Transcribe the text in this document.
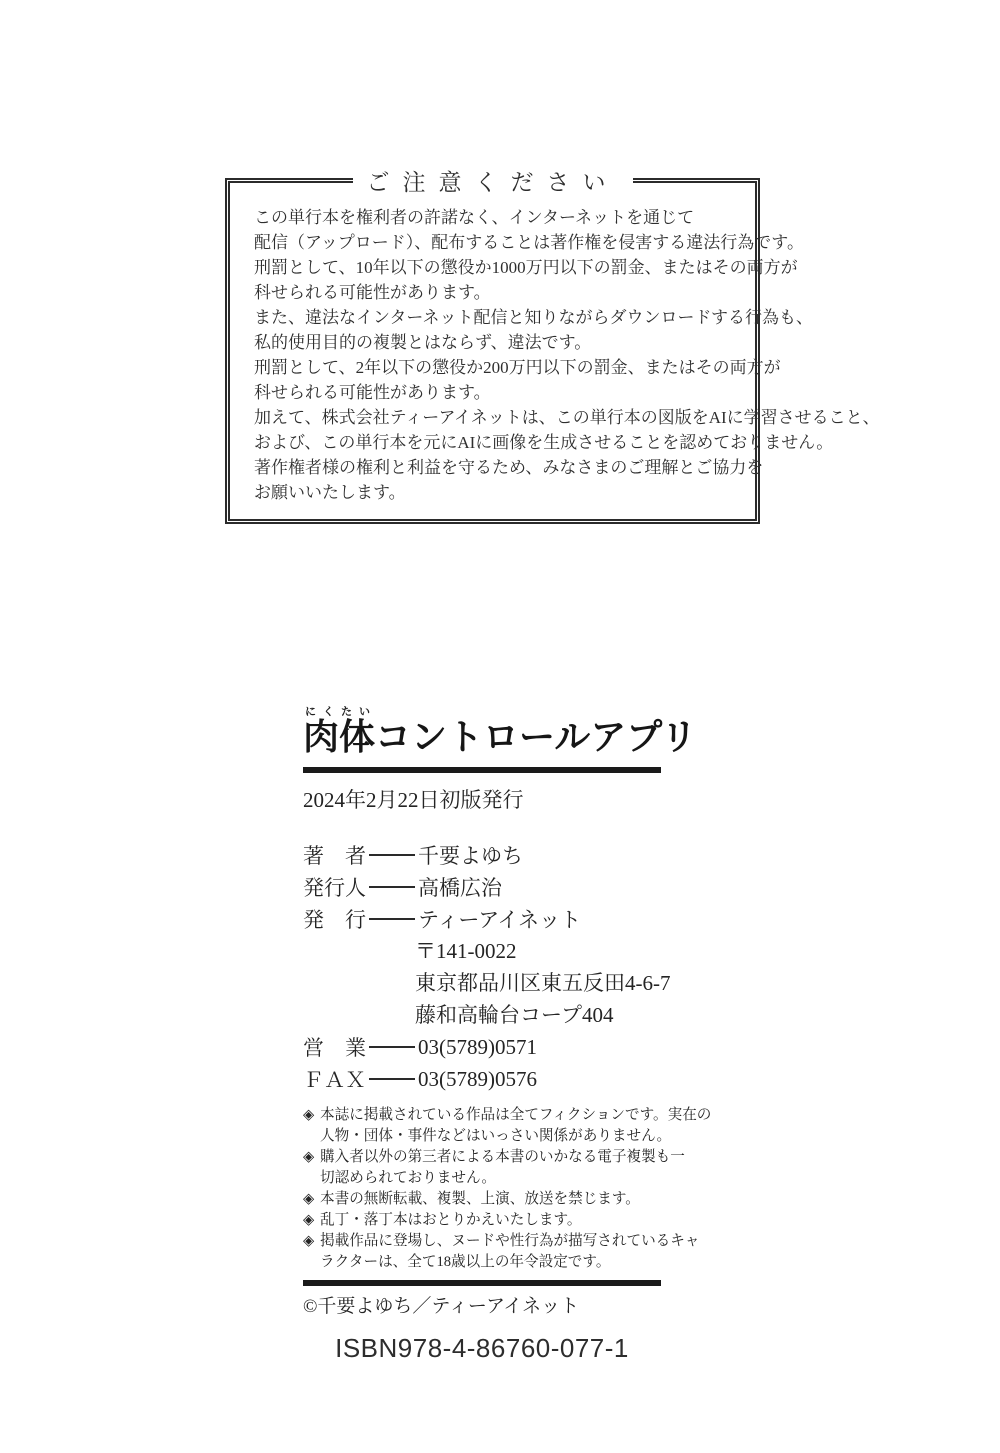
ご注意ください
この単行本を権利者の許諾なく、インターネットを通じて
配信（アップロード）、配布することは著作権を侵害する違法行為です。
刑罰として、10年以下の懲役か1000万円以下の罰金、またはその両方が
科せられる可能性があります。
また、違法なインターネット配信と知りながらダウンロードする行為も、
私的使用目的の複製とはならず、違法です。
刑罰として、2年以下の懲役か200万円以下の罰金、またはその両方が
科せられる可能性があります。
加えて、株式会社ティーアイネットは、この単行本の図版をAIに学習させること、
および、この単行本を元にAIに画像を生成させることを認めておりません。
著作権者様の権利と利益を守るため、みなさまのご理解とご協力を
お願いいたします。
肉にく体たいコントロールアプリ
2024年2月22日初版発行
著　者 千要よゆち
発行人 高橋広治
発　行 ティーアイネット
〒141-0022
東京都品川区東五反田4-6-7
藤和高輪台コープ404
営　業 03(5789)0571
ＦＡＸ 03(5789)0576
◈ 本誌に掲載されている作品は全てフィクションです。実在の
人物・団体・事件などはいっさい関係がありません。
◈ 購入者以外の第三者による本書のいかなる電子複製も一
切認められておりません。
◈ 本書の無断転載、複製、上演、放送を禁じます。
◈ 乱丁・落丁本はおとりかえいたします。
◈ 掲載作品に登場し、ヌードや性行為が描写されているキャ
ラクターは、全て18歳以上の年令設定です。
©千要よゆち／ティーアイネット
ISBN978-4-86760-077-1
